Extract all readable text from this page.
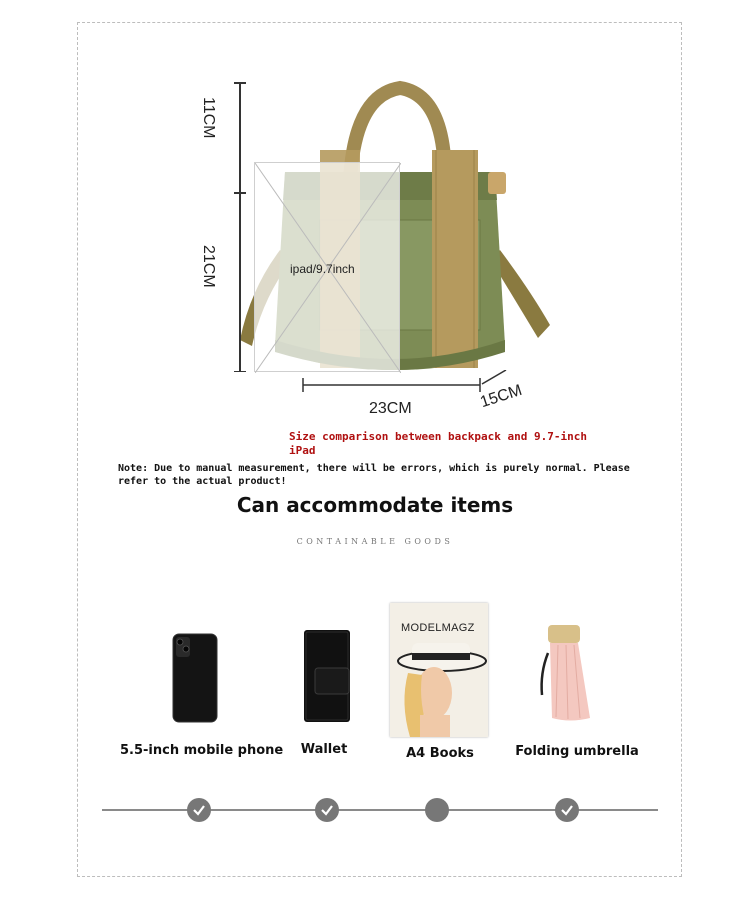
ipad/9.7inch
11CM
21CM
23CM	15CM
Size comparison between backpack and 9.7-inch iPad
Note: Due to manual measurement, there will be errors, which is purely normal. Please refer to the actual product!
Can accommodate items
CONTAINABLE GOODS
MODELMAGZ
5.5-inch mobile phone	Wallet	A4 Books	Folding umbrella
